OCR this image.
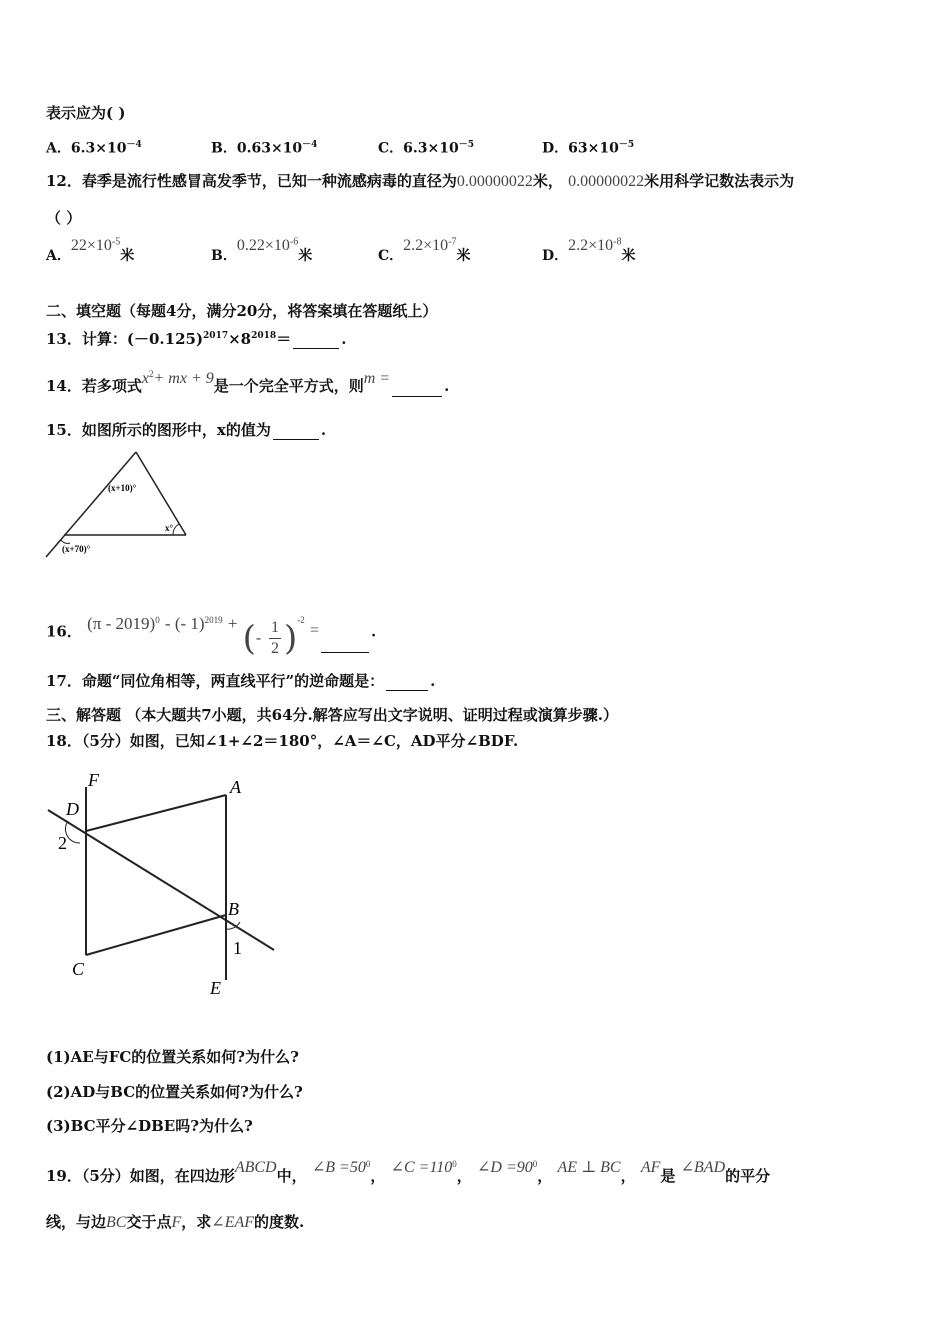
表示应为( )
A．$6.3\times 10^{-4}$	B．$0.63\times 10^{-4}$	C．$6.3\times 10^{-5}$	D．$63\times 10^{-5}$
12．春季是流行性感冒高发季节，已知一种流感病毒的直径为0.00000022米， 0.00000022米用科学记数法表示为
（ ）
A．$22\times 10^{-5}$米	B．$0.22\times 10^{-6}$米	C．$2.2\times 10^{-7}$米	D．$2.2\times 10^{-8}$米
二、填空题（每题4分，满分20分，将答案填在答题纸上）
13．计算：$(-0.125)^{2017}\times 8^{2018}=$	.
14．若多项式$x^2+$ mx + 9是一个完全平方式，则m =	.
15．如图所示的图形中，x的值为	.
(x+10)°
x°
(x+70)°
16． (π - 2019)$^0$ - (- 1)$^{2019}$ + (- $\frac{1}{2} )^{-2}$ =	.
17．命题“同位角相等，两直线平行”的逆命题是：	.
三、解答题 （本大题共7小题，共64分.解答应写出文字说明、证明过程或演算步骤.）
18．（5分）如图，已知∠1+∠2＝180°，∠A＝∠C，AD平分∠BDF.
F	A
D
2
B
1
C
E
(1)AE与FC的位置关系如何?为什么?
(2)AD与BC的位置关系如何?为什么?
(3)BC平分∠DBE吗?为什么?
19．（5分）如图，在四边形ABCD中， ∠B $=50^0$， ∠C $=110^0$， ∠D $=90^0$， AE ⊥ BC， AF是 ∠BAD的平分
线，与边BC交于点F，求∠EAF的度数.
